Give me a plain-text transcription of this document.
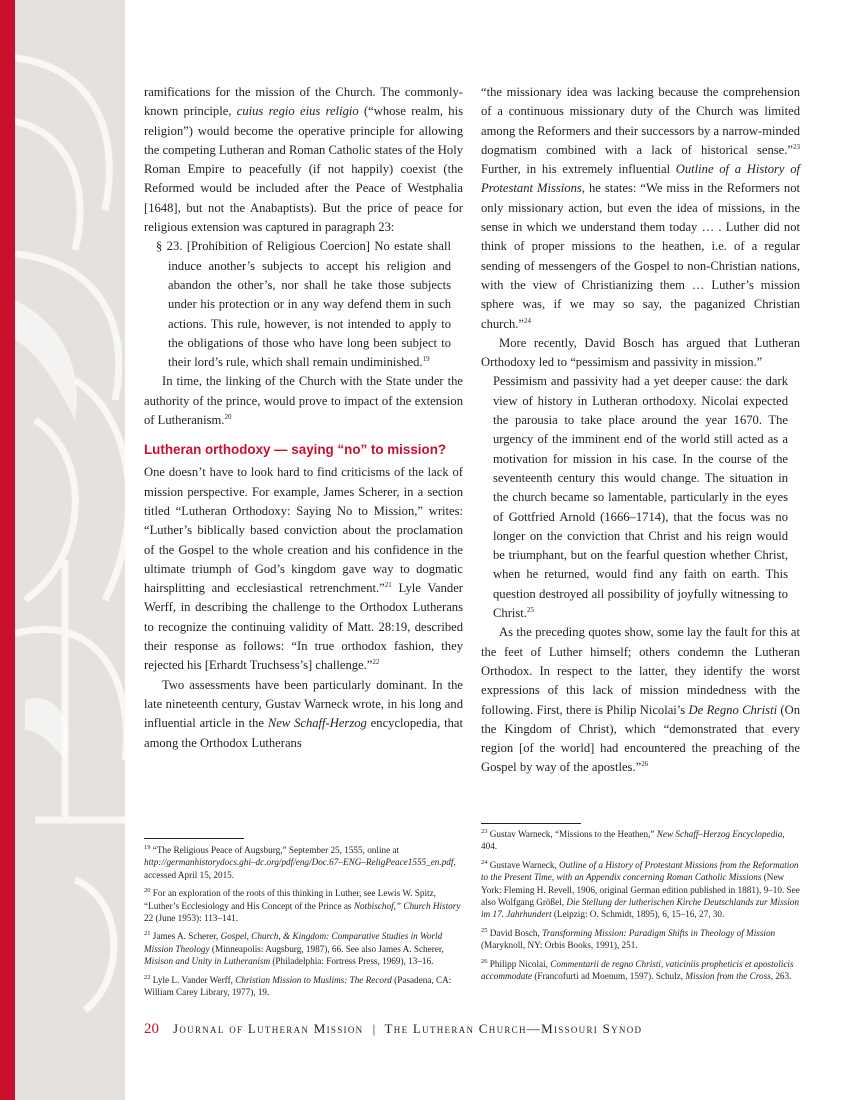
ramifications for the mission of the Church. The commonly-known principle, cuius regio eius religio (“whose realm, his religion”) would become the operative principle for allowing the competing Lutheran and Roman Catholic states of the Holy Roman Empire to peacefully (if not happily) coexist (the Reformed would be included after the Peace of Westphalia [1648], but not the Anabaptists). But the price of peace for religious extension was captured in paragraph 23:

§ 23. [Prohibition of Religious Coercion] No estate shall induce another’s subjects to accept his religion and abandon the other’s, nor shall he take those subjects under his protection or in any way defend them in such actions. This rule, however, is not intended to apply to the obligations of those who have long been subject to their lord’s rule, which shall remain undiminished.$^{19}$

In time, the linking of the Church with the State under the authority of the prince, would prove to impact of the extension of Lutheranism.$^{20}$

Lutheran orthodoxy — saying “no” to mission?

One doesn’t have to look hard to find criticisms of the lack of mission perspective. For example, James Scherer, in a section titled “Lutheran Orthodoxy: Saying No to Mission,” writes: “Luther’s biblically based conviction about the proclamation of the Gospel to the whole creation and his confidence in the ultimate triumph of God’s kingdom gave way to dogmatic hairsplitting and ecclesiastical retrenchment.”$^{21}$ Lyle Vander Werff, in describing the challenge to the Orthodox Lutherans to recognize the continuing validity of Matt. 28:19, described their response as follows: “In true orthodox fashion, they rejected his [Erhardt Truchsess’s] challenge.”$^{22}$

Two assessments have been particularly dominant. In the late nineteenth century, Gustav Warneck wrote, in his long and influential article in the New Schaff-Herzog encyclopedia, that among the Orthodox Lutherans

“the missionary idea was lacking because the comprehension of a continuous missionary duty of the Church was limited among the Reformers and their successors by a narrow-minded dogmatism combined with a lack of historical sense.”$^{23}$ Further, in his extremely influential Outline of a History of Protestant Missions, he states: “We miss in the Reformers not only missionary action, but even the idea of missions, in the sense in which we understand them today … . Luther did not think of proper missions to the heathen, i.e. of a regular sending of messengers of the Gospel to non-Christian nations, with the view of Christianizing them … Luther’s mission sphere was, if we may so say, the paganized Christian church.”$^{24}$

More recently, David Bosch has argued that Lutheran Orthodoxy led to “pessimism and passivity in mission.”

Pessimism and passivity had a yet deeper cause: the dark view of history in Lutheran orthodoxy. Nicolai expected the parousia to take place around the year 1670. The urgency of the imminent end of the world still acted as a motivation for mission in his case. In the course of the seventeenth century this would change. The situation in the church became so lamentable, particularly in the eyes of Gottfried Arnold (1666–1714), that the focus was no longer on the conviction that Christ and his reign would be triumphant, but on the fearful question whether Christ, when he returned, would find any faith on earth. This question destroyed all possibility of joyfully witnessing to Christ.$^{25}$

As the preceding quotes show, some lay the fault for this at the feet of Luther himself; others condemn the Lutheran Orthodox. In respect to the latter, they identify the worst expressions of this lack of mission mindedness with the following. First, there is Philip Nicolai’s De Regno Christi (On the Kingdom of Christ), which “demonstrated that every region [of the world] had encountered the preaching of the Gospel by way of the apostles.”$^{26}$

$^{19}$ “The Religious Peace of Augsburg,” September 25, 1555, online at http://germanhistorydocs.ghi–dc.org/pdf/eng/Doc.67–ENG–ReligPeace1555_en.pdf, accessed April 15, 2015.

$^{20}$ For an exploration of the roots of this thinking in Luther, see Lewis W. Spitz, “Luther’s Ecclesiology and His Concept of the Prince as Notbischof,” Church History 22 (June 1953): 113–141.

$^{21}$ James A. Scherer, Gospel, Church, & Kingdom: Comparative Studies in World Mission Theology (Minneapolis: Augsburg, 1987), 66. See also James A. Scherer, Misison and Unity in Lutheranism (Philadelphia: Fortress Press, 1969), 13–16.

$^{22}$ Lyle L. Vander Werff, Christian Mission to Muslims: The Record (Pasadena, CA: William Carey Library, 1977), 19.

$^{23}$ Gustav Warneck, “Missions to the Heathen,” New Schaff–Herzog Encyclopedia, 404.

$^{24}$ Gustave Warneck, Outline of a History of Protestant Missions from the Reformation to the Present Time, with an Appendix concerning Roman Catholic Missions (New York: Fleming H. Revell, 1906, original German edition published in 1881), 9–10. See also Wolfgang Größel, Die Stellung der lutherischen Kirche Deutschlands zur Mission im 17. Jahrhundert (Leipzig: O. Schmidt, 1895), 6, 15–16, 27, 30.

$^{25}$ David Bosch, Transforming Mission: Paradigm Shifts in Theology of Mission (Maryknoll, NY: Orbis Books, 1991), 251.

$^{26}$ Philipp Nicolai, Commentarii de regno Christi, vaticiniis propheticis et apostolicis accommodate (Francofurti ad Moenum, 1597). Schulz, Mission from the Cross, 263.

20 Journal of Lutheran Mission | The Lutheran Church—Missouri Synod
